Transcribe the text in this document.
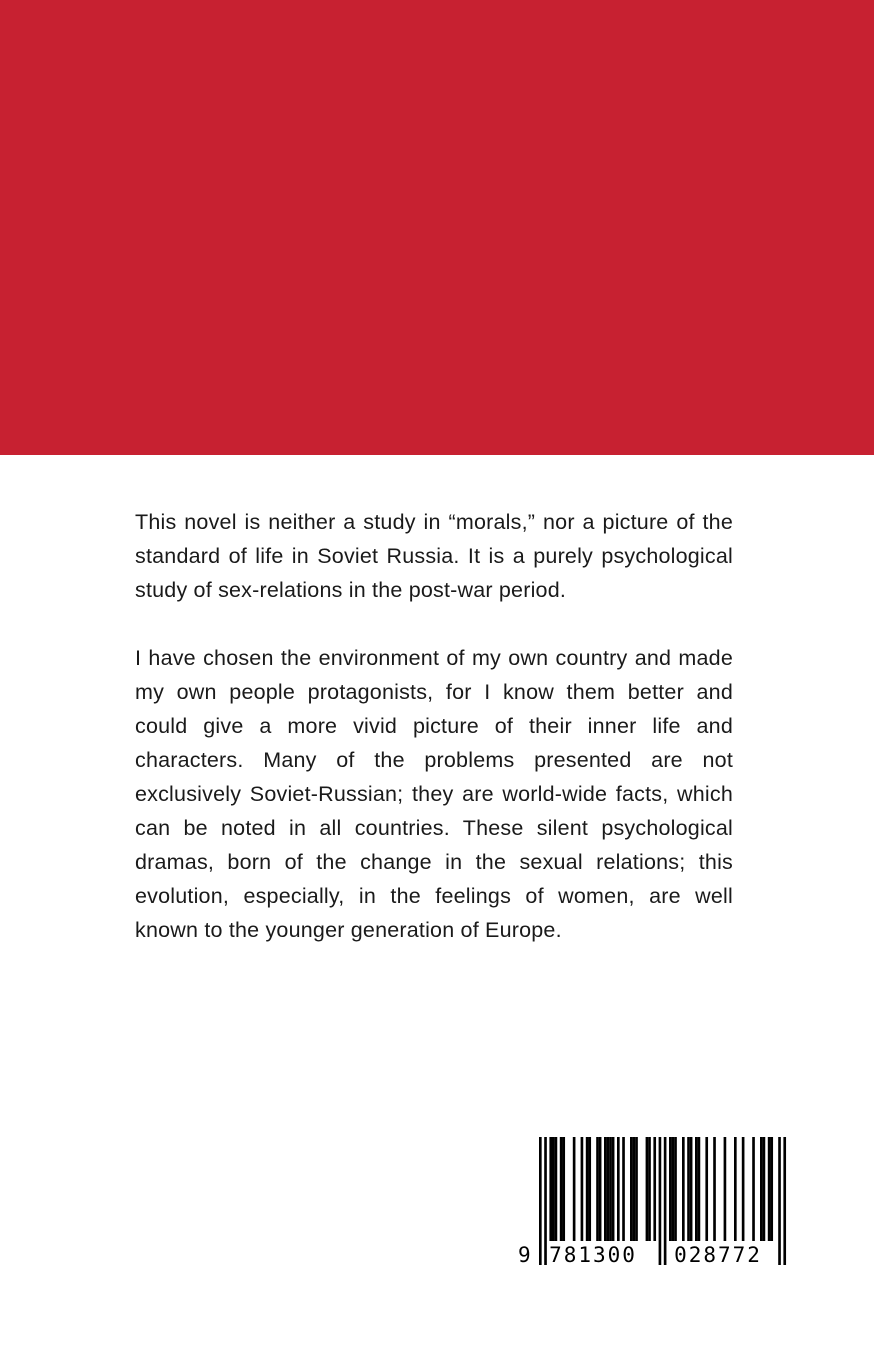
This novel is neither a study in “morals,” nor a picture of the standard of life in Soviet Russia. It is a purely psychological study of sex-relations in the post-war period.

I have chosen the environment of my own country and made my own people protagonists, for I know them better and could give a more vivid picture of their inner life and characters. Many of the problems presented are not exclusively Soviet-Russian; they are world-wide facts, which can be noted in all countries. These silent psychological dramas, born of the change in the sexual relations; this evolution, especially, in the feelings of women, are well known to the younger generation of Europe.

9 781300 028772
